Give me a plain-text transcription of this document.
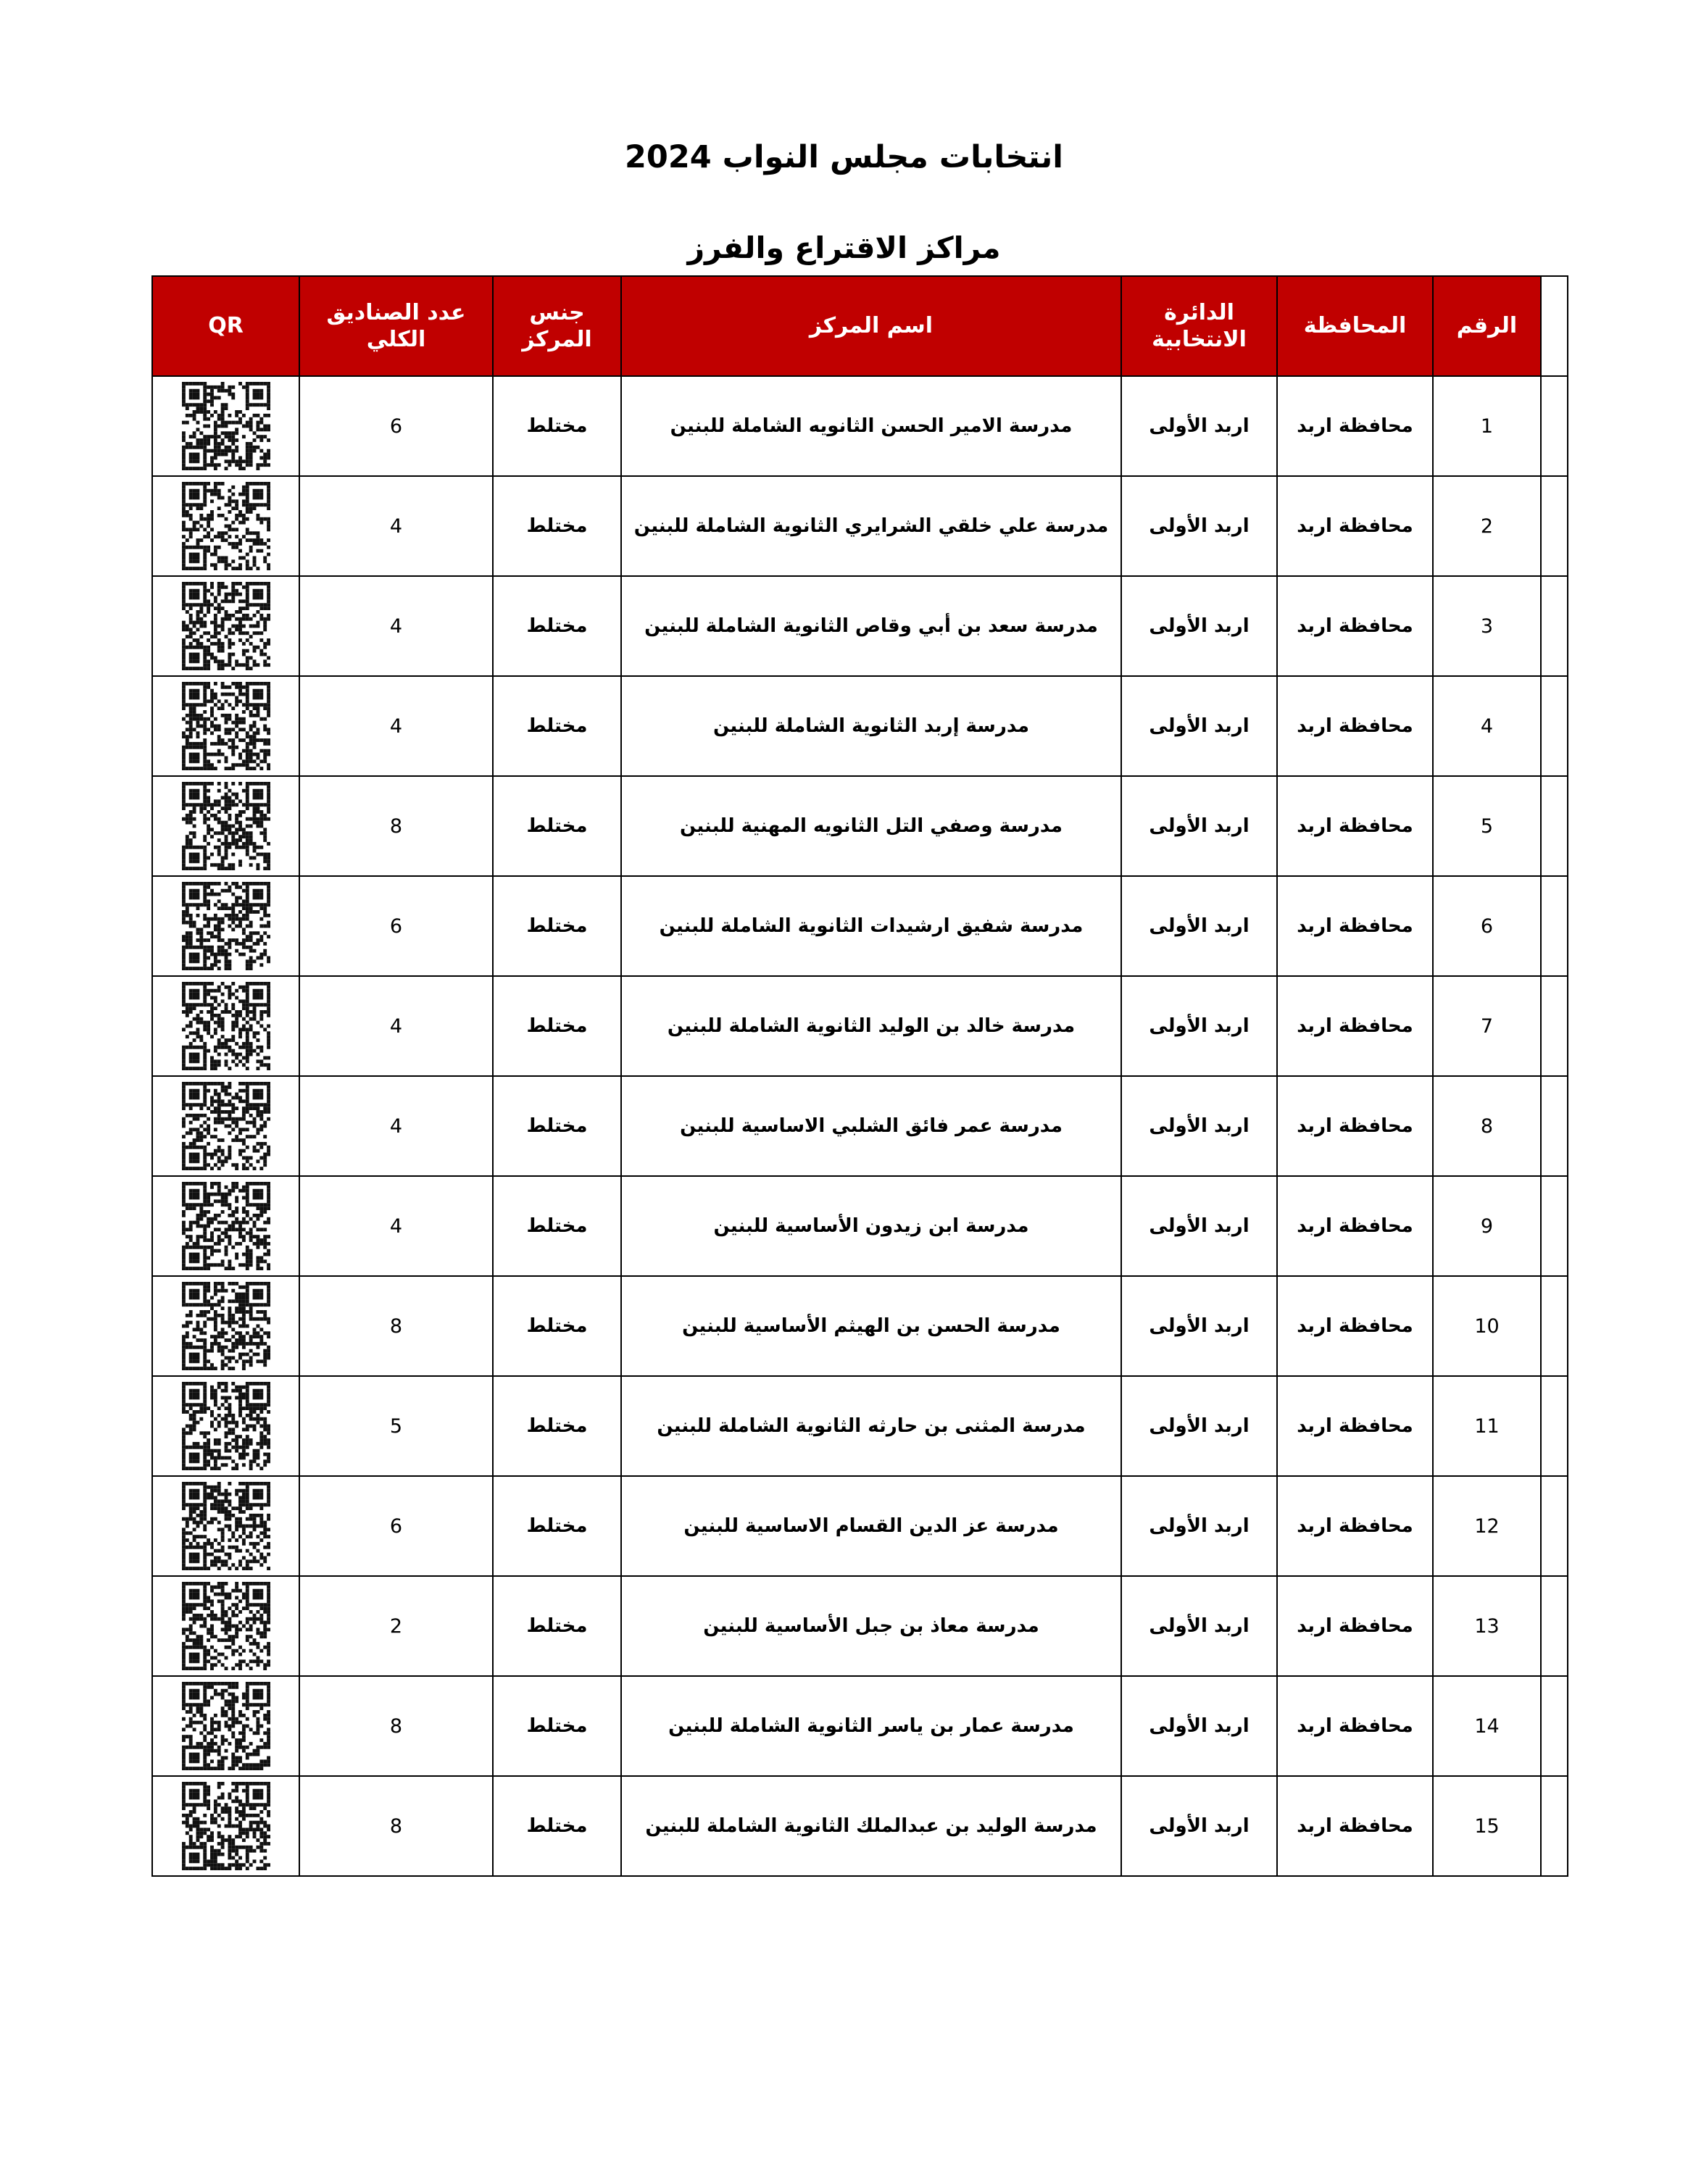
انتخابات مجلس النواب 2024
مراكز الاقتراع والفرز
	الرقم	المحافظة	الدائرة الانتخابية	اسم المركز	جنس المركز	عدد الصناديق الكلي	QR
	1	محافظة اربد	اربد الأولى	مدرسة الامير الحسن الثانويه الشاملة للبنين	مختلط	6	

	2	محافظة اربد	اربد الأولى	مدرسة علي خلقي الشرايري الثانوية الشاملة للبنين	مختلط	4	

	3	محافظة اربد	اربد الأولى	مدرسة سعد بن أبي وقاص الثانوية الشاملة للبنين	مختلط	4	

	4	محافظة اربد	اربد الأولى	مدرسة إربد الثانوية الشاملة للبنين	مختلط	4	

	5	محافظة اربد	اربد الأولى	مدرسة وصفي التل الثانويه المهنية للبنين	مختلط	8	

	6	محافظة اربد	اربد الأولى	مدرسة شفيق ارشيدات الثانوية الشاملة للبنين	مختلط	6	

	7	محافظة اربد	اربد الأولى	مدرسة خالد بن الوليد الثانوية الشاملة للبنين	مختلط	4	

	8	محافظة اربد	اربد الأولى	مدرسة عمر فائق الشلبي الاساسية للبنين	مختلط	4	

	9	محافظة اربد	اربد الأولى	مدرسة ابن زيدون الأساسية للبنين	مختلط	4	

	10	محافظة اربد	اربد الأولى	مدرسة الحسن بن الهيثم الأساسية للبنين	مختلط	8	

	11	محافظة اربد	اربد الأولى	مدرسة المثنى بن حارثه الثانوية الشاملة للبنين	مختلط	5	

	12	محافظة اربد	اربد الأولى	مدرسة عز الدين القسام الاساسية للبنين	مختلط	6	

	13	محافظة اربد	اربد الأولى	مدرسة معاذ بن جبل الأساسية للبنين	مختلط	2	

	14	محافظة اربد	اربد الأولى	مدرسة عمار بن ياسر الثانوية الشاملة للبنين	مختلط	8	

	15	محافظة اربد	اربد الأولى	مدرسة الوليد بن عبدالملك الثانوية الشاملة للبنين	مختلط	8	
